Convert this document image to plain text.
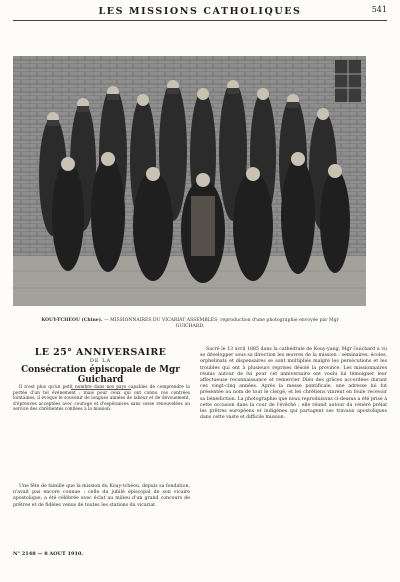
LES MISSIONS CATHOLIQUES	541
KOUY-TCHÉOU (Chine). — MISSIONNAIRES DU VICARIAT ASSEMBLÉS; reproduction d'une photographie envoyée par Mgr GUICHARD.
LE 25° ANNIVERSAIRE
DE LA
Consécration épiscopale de Mgr Guichard

Il n'est plus qu'un petit nombre dans nos pays capables de comprendre la portée d'un tel événement ; mais pour ceux qui ont connu ces contrées lointaines, il évoque le souvenir de longues années de labeur et de dévouement, d'épreuves acceptées avec courage et d'espérances sans cesse renouvelées au service des chrétientés confiées à la mission.

Une fête de famille que la mission du Kouy-tchéou, depuis sa fondation, n'avait pas encore connue : celle du jubilé épiscopal de son vicaire apostolique, a été célébrée avec éclat au milieu d'un grand concours de prêtres et de fidèles venus de toutes les stations du vicariat.

Sacré le 13 avril 1885 dans la cathédrale de Kouy-yang, Mgr Guichard a vu se développer sous sa direction les œuvres de la mission : séminaires, écoles, orphelinats et dispensaires se sont multipliés malgré les persécutions et les troubles qui ont à plusieurs reprises désolé la province. Les missionnaires réunis autour de lui pour cet anniversaire ont voulu lui témoigner leur affectueuse reconnaissance et remercier Dieu des grâces accordées durant ces vingt-cinq années. Après la messe pontificale, une adresse lui fut présentée au nom de tout le clergé, et les chrétiens vinrent en foule recevoir sa bénédiction. La photographie que nous reproduisons ci-dessus a été prise à cette occasion dans la cour de l'évêché ; elle réunit autour du vénéré prélat les prêtres européens et indigènes qui partagent ses travaux apostoliques dans cette vaste et difficile mission.

N° 2148 — 8 AOUT 1910.
